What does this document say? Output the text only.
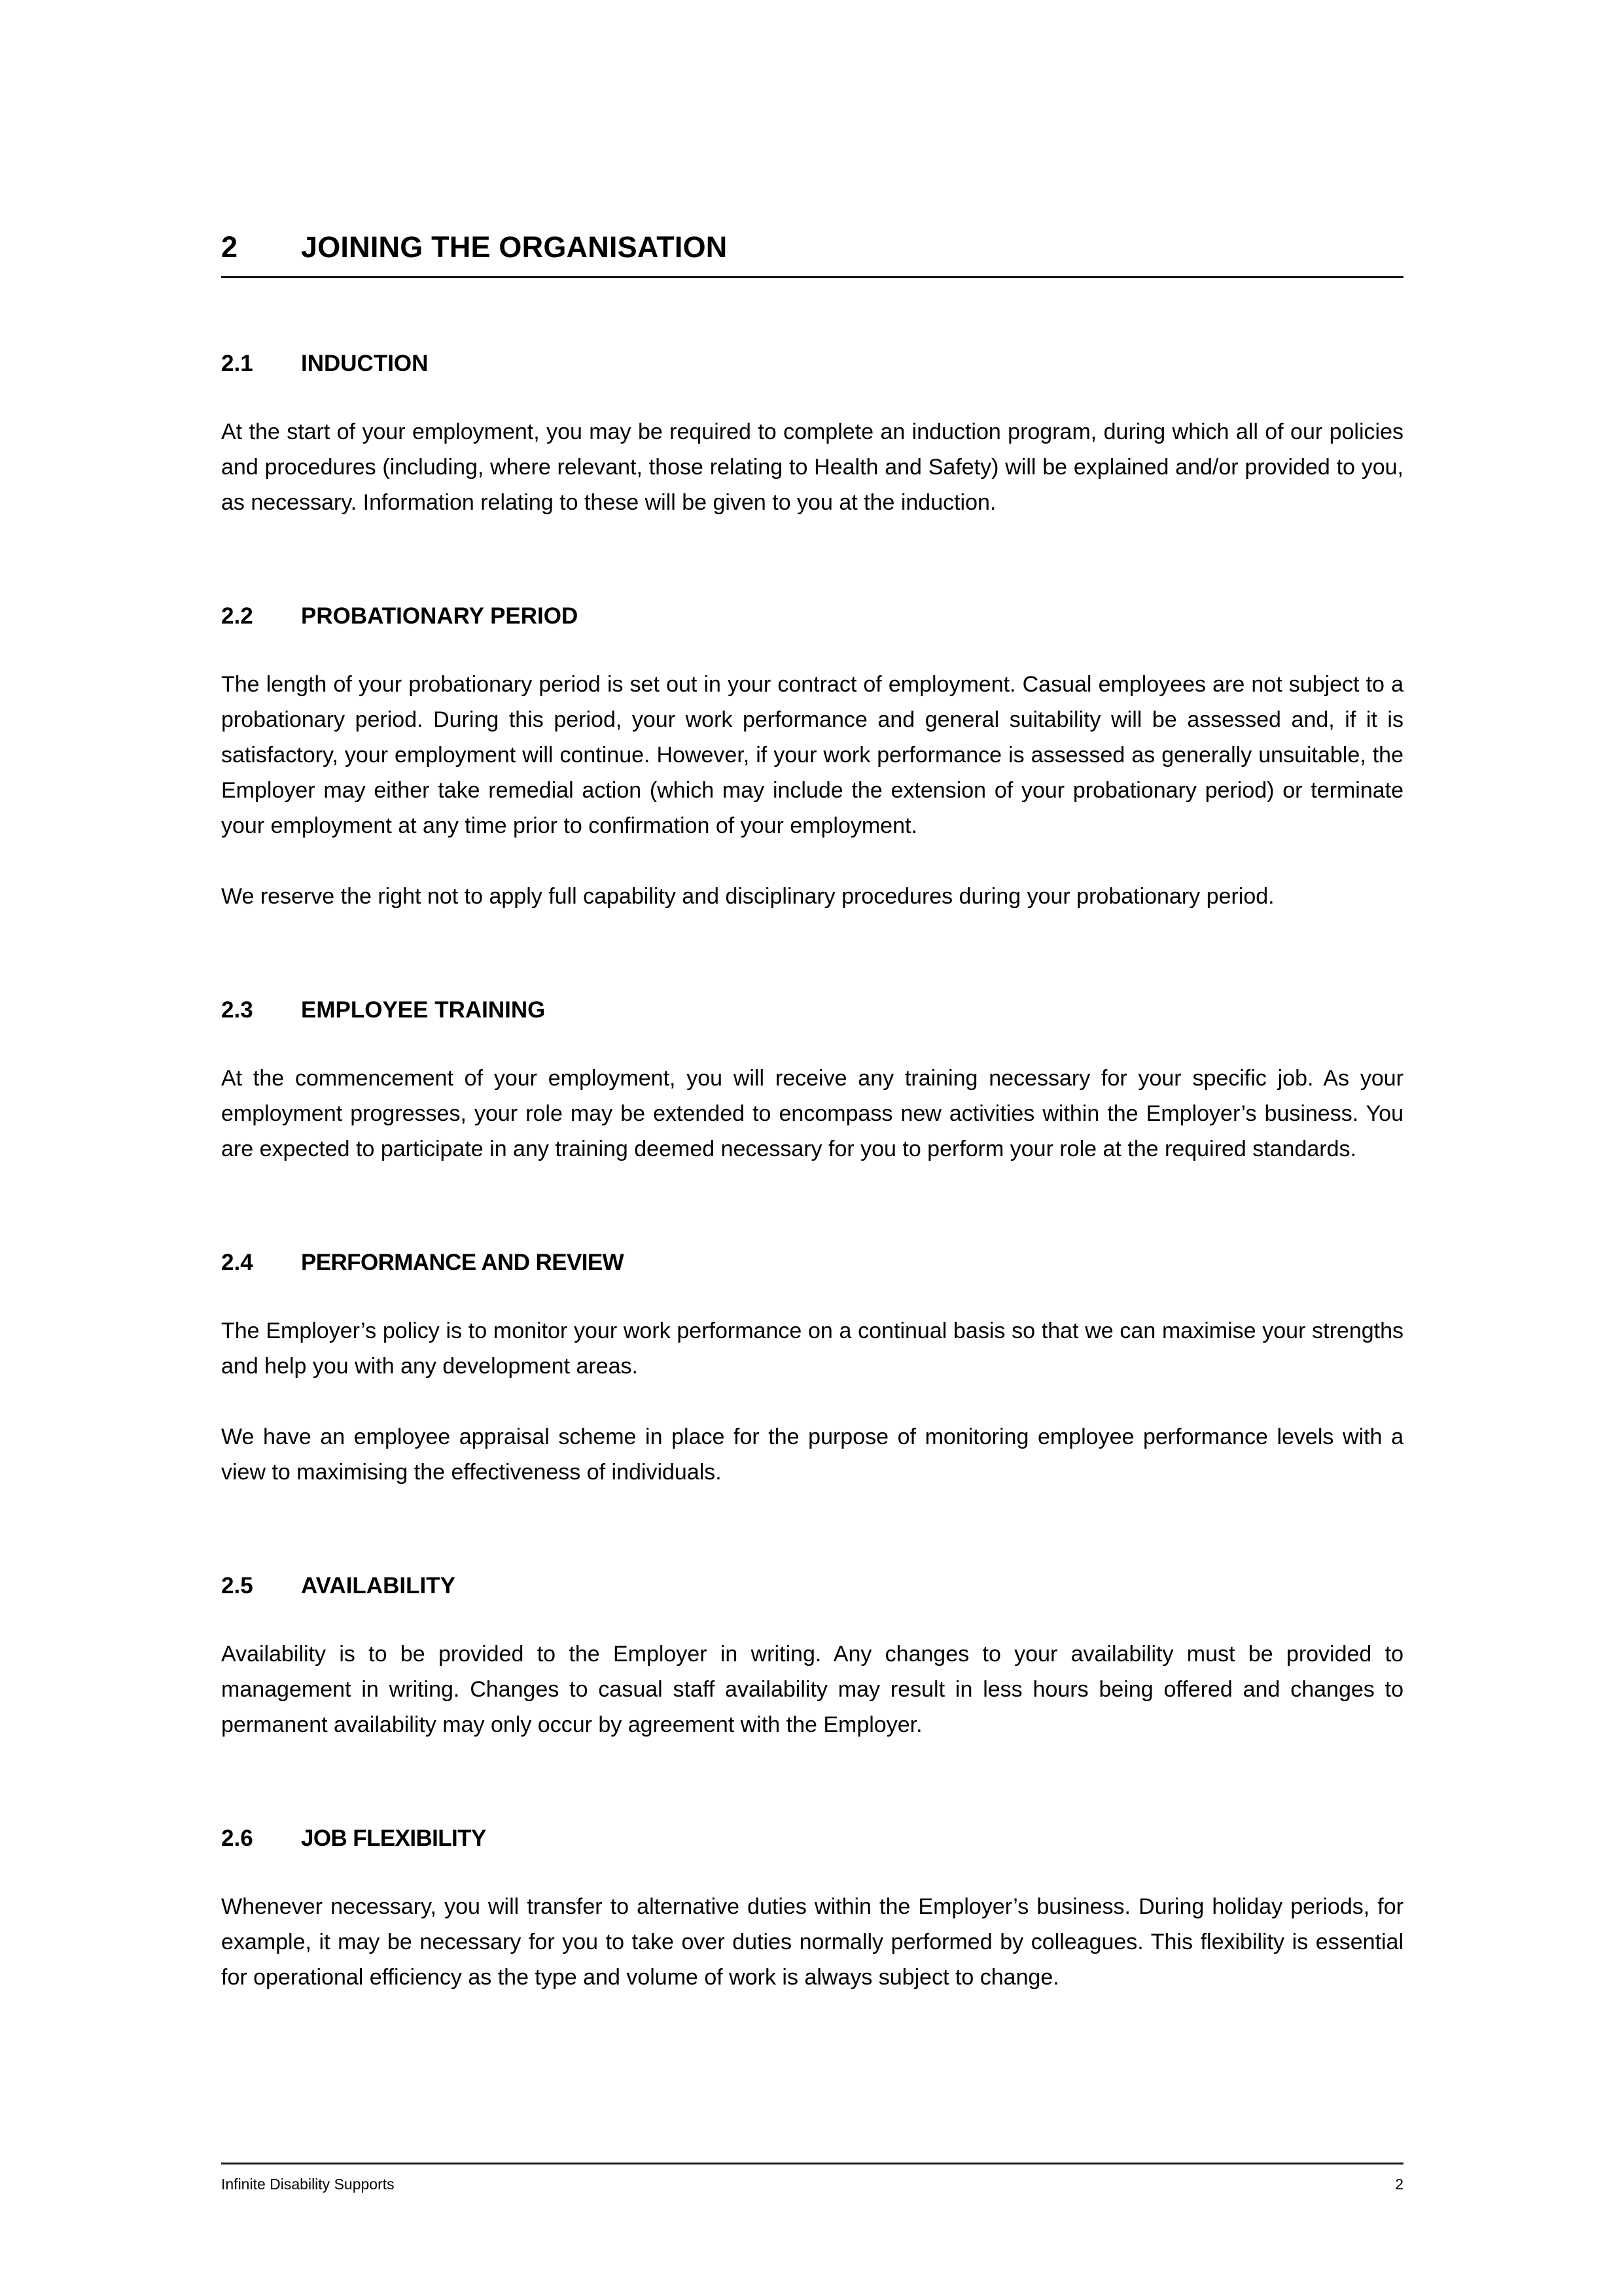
2	JOINING THE ORGANISATION
2.1	INDUCTION

At the start of your employment, you may be required to complete an induction program, during which all of our policies and procedures (including, where relevant, those relating to Health and Safety) will be explained and/or provided to you, as necessary. Information relating to these will be given to you at the induction.

2.2	PROBATIONARY PERIOD

The length of your probationary period is set out in your contract of employment. Casual employees are not subject to a probationary period. During this period, your work performance and general suitability will be assessed and, if it is satisfactory, your employment will continue. However, if your work performance is assessed as generally unsuitable, the Employer may either take remedial action (which may include the extension of your probationary period) or terminate your employment at any time prior to confirmation of your employment.

We reserve the right not to apply full capability and disciplinary procedures during your probationary period.

2.3	EMPLOYEE TRAINING

At the commencement of your employment, you will receive any training necessary for your specific job. As your employment progresses, your role may be extended to encompass new activities within the Employer’s business. You are expected to participate in any training deemed necessary for you to perform your role at the required standards.

2.4	PERFORMANCE AND REVIEW

The Employer’s policy is to monitor your work performance on a continual basis so that we can maximise your strengths and help you with any development areas.

We have an employee appraisal scheme in place for the purpose of monitoring employee performance levels with a view to maximising the effectiveness of individuals.

2.5	AVAILABILITY

Availability is to be provided to the Employer in writing. Any changes to your availability must be provided to management in writing. Changes to casual staff availability may result in less hours being offered and changes to permanent availability may only occur by agreement with the Employer.

2.6	JOB FLEXIBILITY

Whenever necessary, you will transfer to alternative duties within the Employer’s business. During holiday periods, for example, it may be necessary for you to take over duties normally performed by colleagues. This flexibility is essential for operational efficiency as the type and volume of work is always subject to change.

Infinite Disability Supports	2
